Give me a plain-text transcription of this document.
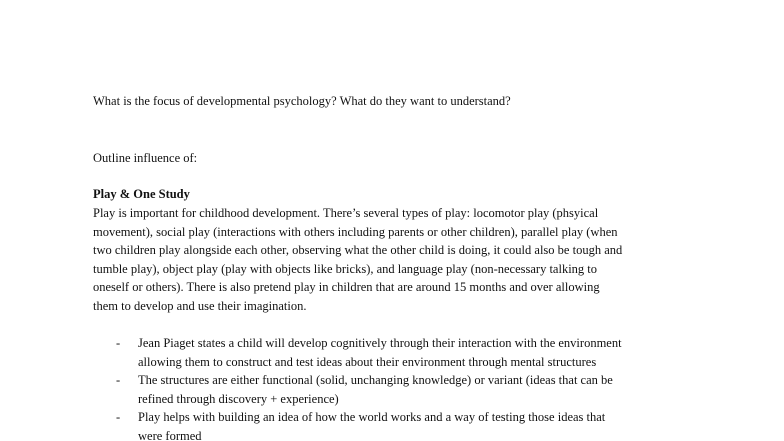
What is the focus of developmental psychology? What do they want to understand?
Outline influence of:
Play & One Study
Play is important for childhood development. There’s several types of play: locomotor play (phsyical
movement), social play (interactions with others including parents or other children), parallel play (when
two children play alongside each other, observing what the other child is doing, it could also be tough and
tumble play), object play (play with objects like bricks), and language play (non-necessary talking to
oneself or others). There is also pretend play in children that are around 15 months and over allowing
them to develop and use their imagination.
- Jean Piaget states a child will develop cognitively through their interaction with the environment
allowing them to construct and test ideas about their environment through mental structures
- The structures are either functional (solid, unchanging knowledge) or variant (ideas that can be
refined through discovery + experience)
- Play helps with building an idea of how the world works and a way of testing those ideas that
were formed
